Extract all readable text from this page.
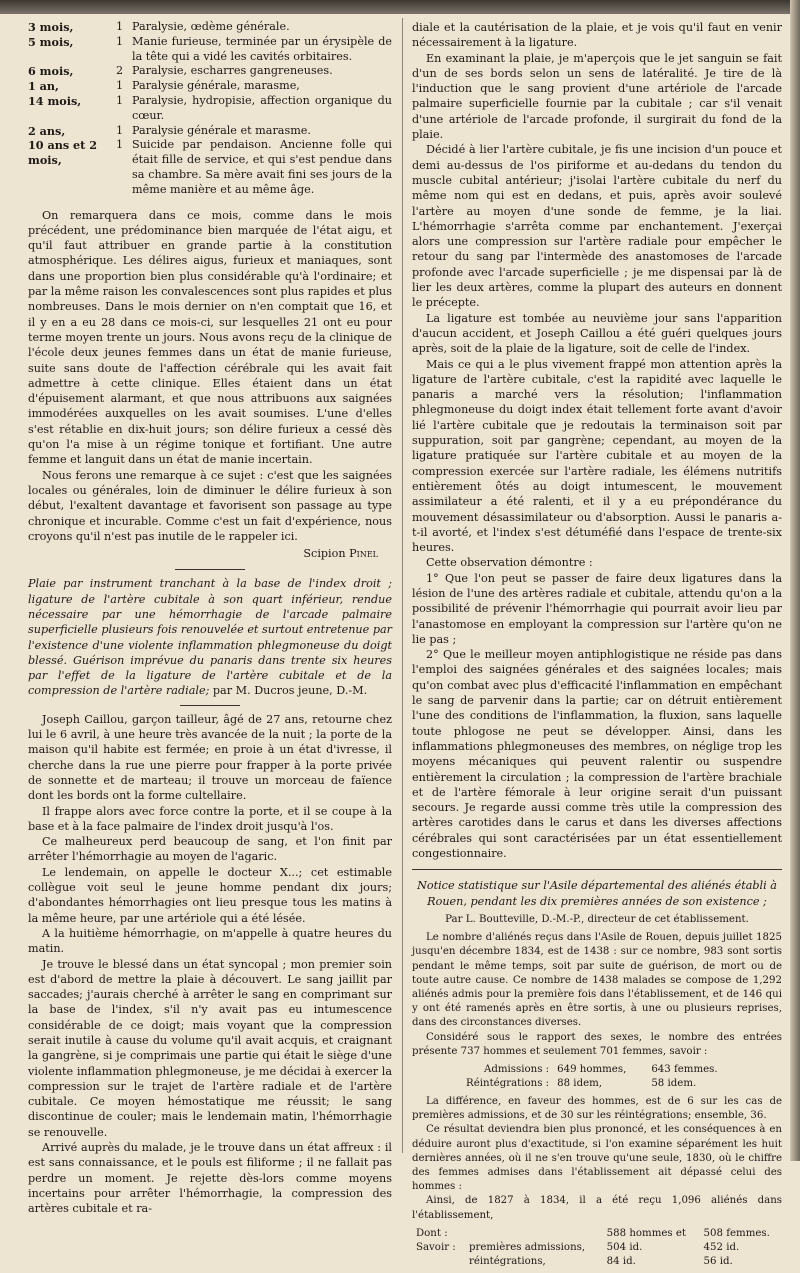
3 mois,	1	Paralysie, œdème générale.
5 mois,	1	Manie furieuse, terminée par un érysipèle de la tête qui a vidé les cavités orbitaires.
6 mois,	2	Paralysie, escharres gangreneuses.
1 an,	1	Paralysie générale, marasme,
14 mois,	1	Paralysie, hydropisie, affection organique du cœur.
2 ans,	1	Paralysie générale et marasme.
10 ans et 2 mois,	1	Suicide par pendaison. Ancienne folle qui était fille de service, et qui s'est pendue dans sa chambre. Sa mère avait fini ses jours de la même manière et au même âge.

On remarquera dans ce mois, comme dans le mois précédent, une prédominance bien marquée de l'état aigu, et qu'il faut attribuer en grande partie à la constitution atmosphérique. Les délires aigus, furieux et maniaques, sont dans une proportion bien plus considérable qu'à l'ordinaire; et par la même raison les convalescences sont plus rapides et plus nombreuses. Dans le mois dernier on n'en comptait que 16, et il y en a eu 28 dans ce mois-ci, sur lesquelles 21 ont eu pour terme moyen trente un jours. Nous avons reçu de la clinique de l'école deux jeunes femmes dans un état de manie furieuse, suite sans doute de l'affection cérébrale qui les avait fait admettre à cette clinique. Elles étaient dans un état d'épuisement alarmant, et que nous attribuons aux saignées immodérées auxquelles on les avait soumises. L'une d'elles s'est rétablie en dix-huit jours; son délire furieux a cessé dès qu'on l'a mise à un régime tonique et fortifiant. Une autre femme et languit dans un état de manie incertain.

Nous ferons une remarque à ce sujet : c'est que les saignées locales ou générales, loin de diminuer le délire furieux à son début, l'exaltent davantage et favorisent son passage au type chronique et incurable. Comme c'est un fait d'expérience, nous croyons qu'il n'est pas inutile de le rappeler ici.

Scipion Pinel

Plaie par instrument tranchant à la base de l'index droit ; ligature de l'artère cubitale à son quart inférieur, rendue nécessaire par une hémorrhagie de l'arcade palmaire superficielle plusieurs fois renouvelée et surtout entretenue par l'existence d'une violente inflammation phlegmoneuse du doigt blessé. Guérison imprévue du panaris dans trente six heures par l'effet de la ligature de l'artère cubitale et de la compression de l'artère radiale; par M. Ducros jeune, D.-M.

Joseph Caillou, garçon tailleur, âgé de 27 ans, retourne chez lui le 6 avril, à une heure très avancée de la nuit ; la porte de la maison qu'il habite est fermée; en proie à un état d'ivresse, il cherche dans la rue une pierre pour frapper à la porte privée de sonnette et de marteau; il trouve un morceau de faïence dont les bords ont la forme cultellaire.

Il frappe alors avec force contre la porte, et il se coupe à la base et à la face palmaire de l'index droit jusqu'à l'os.

Ce malheureux perd beaucoup de sang, et l'on finit par arrêter l'hémorrhagie au moyen de l'agaric.

Le lendemain, on appelle le docteur X...; cet estimable collègue voit seul le jeune homme pendant dix jours; d'abondantes hémorrhagies ont lieu presque tous les matins à la même heure, par une artériole qui a été lésée.

A la huitième hémorrhagie, on m'appelle à quatre heures du matin.

Je trouve le blessé dans un état syncopal ; mon premier soin est d'abord de mettre la plaie à découvert. Le sang jaillit par saccades; j'aurais cherché à arrêter le sang en comprimant sur la base de l'index, s'il n'y avait pas eu intumescence considérable de ce doigt; mais voyant que la compression serait inutile à cause du volume qu'il avait acquis, et craignant la gangrène, si je comprimais une partie qui était le siège d'une violente inflammation phlegmoneuse, je me décidai à exercer la compression sur le trajet de l'artère radiale et de l'artère cubitale. Ce moyen hémostatique me réussit; le sang discontinue de couler; mais le lendemain matin, l'hémorrhagie se renouvelle.

Arrivé auprès du malade, je le trouve dans un état affreux : il est sans connaissance, et le pouls est filiforme ; il ne fallait pas perdre un moment. Je rejette dès-lors comme moyens incertains pour arrêter l'hémorrhagie, la compression des artères cubitale et ra-

diale et la cautérisation de la plaie, et je vois qu'il faut en venir nécessairement à la ligature.

En examinant la plaie, je m'aperçois que le jet sanguin se fait d'un de ses bords selon un sens de latéralité. Je tire de là l'induction que le sang provient d'une artériole de l'arcade palmaire superficielle fournie par la cubitale ; car s'il venait d'une artériole de l'arcade profonde, il surgirait du fond de la plaie.

Décidé à lier l'artère cubitale, je fis une incision d'un pouce et demi au-dessus de l'os piriforme et au-dedans du tendon du muscle cubital antérieur; j'isolai l'artère cubitale du nerf du même nom qui est en dedans, et puis, après avoir soulevé l'artère au moyen d'une sonde de femme, je la liai. L'hémorrhagie s'arrêta comme par enchantement. J'exerçai alors une compression sur l'artère radiale pour empêcher le retour du sang par l'intermède des anastomoses de l'arcade profonde avec l'arcade superficielle ; je me dispensai par là de lier les deux artères, comme la plupart des auteurs en donnent le précepte.

La ligature est tombée au neuvième jour sans l'apparition d'aucun accident, et Joseph Caillou a été guéri quelques jours après, soit de la plaie de la ligature, soit de celle de l'index.

Mais ce qui a le plus vivement frappé mon attention après la ligature de l'artère cubitale, c'est la rapidité avec laquelle le panaris a marché vers la résolution; l'inflammation phlegmoneuse du doigt index était tellement forte avant d'avoir lié l'artère cubitale que je redoutais la terminaison soit par suppuration, soit par gangrène; cependant, au moyen de la ligature pratiquée sur l'artère cubitale et au moyen de la compression exercée sur l'artère radiale, les élémens nutritifs entièrement ôtés au doigt intumescent, le mouvement assimilateur a été ralenti, et il y a eu prépondérance du mouvement désassimilateur ou d'absorption. Aussi le panaris a-t-il avorté, et l'index s'est détuméfié dans l'espace de trente-six heures.

Cette observation démontre :

1° Que l'on peut se passer de faire deux ligatures dans la lésion de l'une des artères radiale et cubitale, attendu qu'on a la possibilité de prévenir l'hémorrhagie qui pourrait avoir lieu par l'anastomose en employant la compression sur l'artère qu'on ne lie pas ;

2° Que le meilleur moyen antiphlogistique ne réside pas dans l'emploi des saignées générales et des saignées locales; mais qu'on combat avec plus d'efficacité l'inflammation en empêchant le sang de parvenir dans la partie; car on détruit entièrement l'une des conditions de l'inflammation, la fluxion, sans laquelle toute phlogose ne peut se développer. Ainsi, dans les inflammations phlegmoneuses des membres, on néglige trop les moyens mécaniques qui peuvent ralentir ou suspendre entièrement la circulation ; la compression de l'artère brachiale et de l'artère fémorale à leur origine serait d'un puissant secours. Je regarde aussi comme très utile la compression des artères carotides dans le carus et dans les diverses affections cérébrales qui sont caractérisées par un état essentiellement congestionnaire.

Notice statistique sur l'Asile départemental des aliénés établi à Rouen, pendant les dix premières années de son existence ;

Par L. Boutteville, D.-M.-P., directeur de cet établissement.

Le nombre d'aliénés reçus dans l'Asile de Rouen, depuis juillet 1825 jusqu'en décembre 1834, est de 1438 : sur ce nombre, 983 sont sortis pendant le même temps, soit par suite de guérison, de mort ou de toute autre cause. Ce nombre de 1438 malades se compose de 1,292 aliénés admis pour la première fois dans l'établissement, et de 146 qui y ont été ramenés après en être sortis, à une ou plusieurs reprises, dans des circonstances diverses.

Considéré sous le rapport des sexes, le nombre des entrées présente 737 hommes et seulement 701 femmes, savoir :

Admissions :	649 hommes,	643 femmes.
Réintégrations :	88 idem,	58 idem.

La différence, en faveur des hommes, est de 6 sur les cas de premières admissions, et de 30 sur les réintégrations; ensemble, 36.

Ce résultat deviendra bien plus prononcé, et les conséquences à en déduire auront plus d'exactitude, si l'on examine séparément les huit dernières années, où il ne s'en trouve qu'une seule, 1830, où le chiffre des femmes admises dans l'établissement ait dépassé celui des hommes :

Ainsi, de 1827 à 1834, il a été reçu 1,096 aliénés dans l'établissement,

Dont :		588 hommes et	508 femmes.
Savoir :	premières admissions,	504 id.	452 id.
	réintégrations,	84 id.	56 id.
